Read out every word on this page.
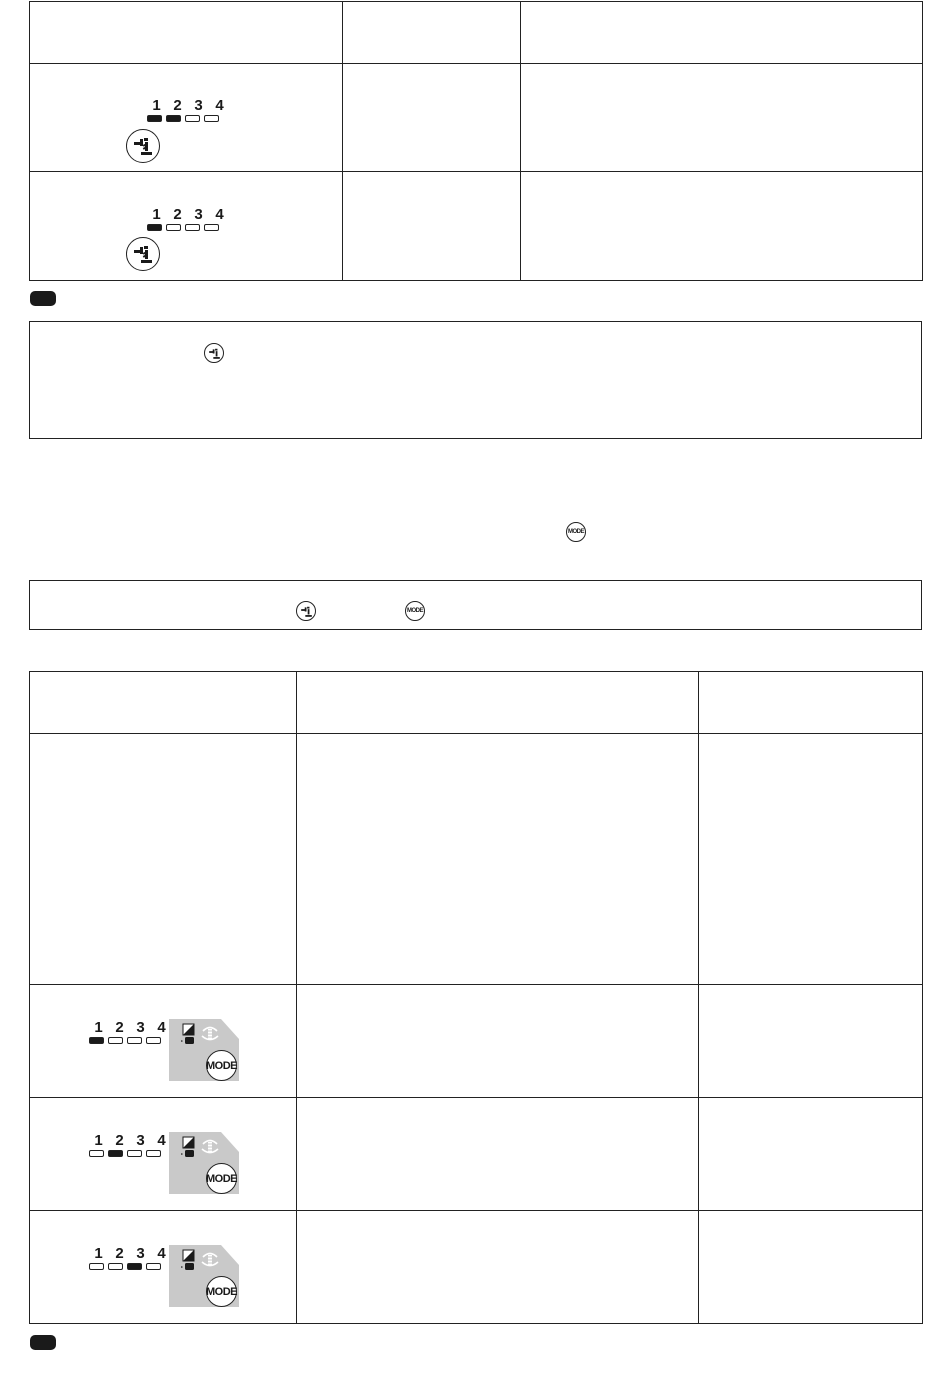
1 2 3 4
1 2 3 4
MODE
MODE
1 2 3 4
MODE
1 2 3 4
MODE
1 2 3 4
MODE
